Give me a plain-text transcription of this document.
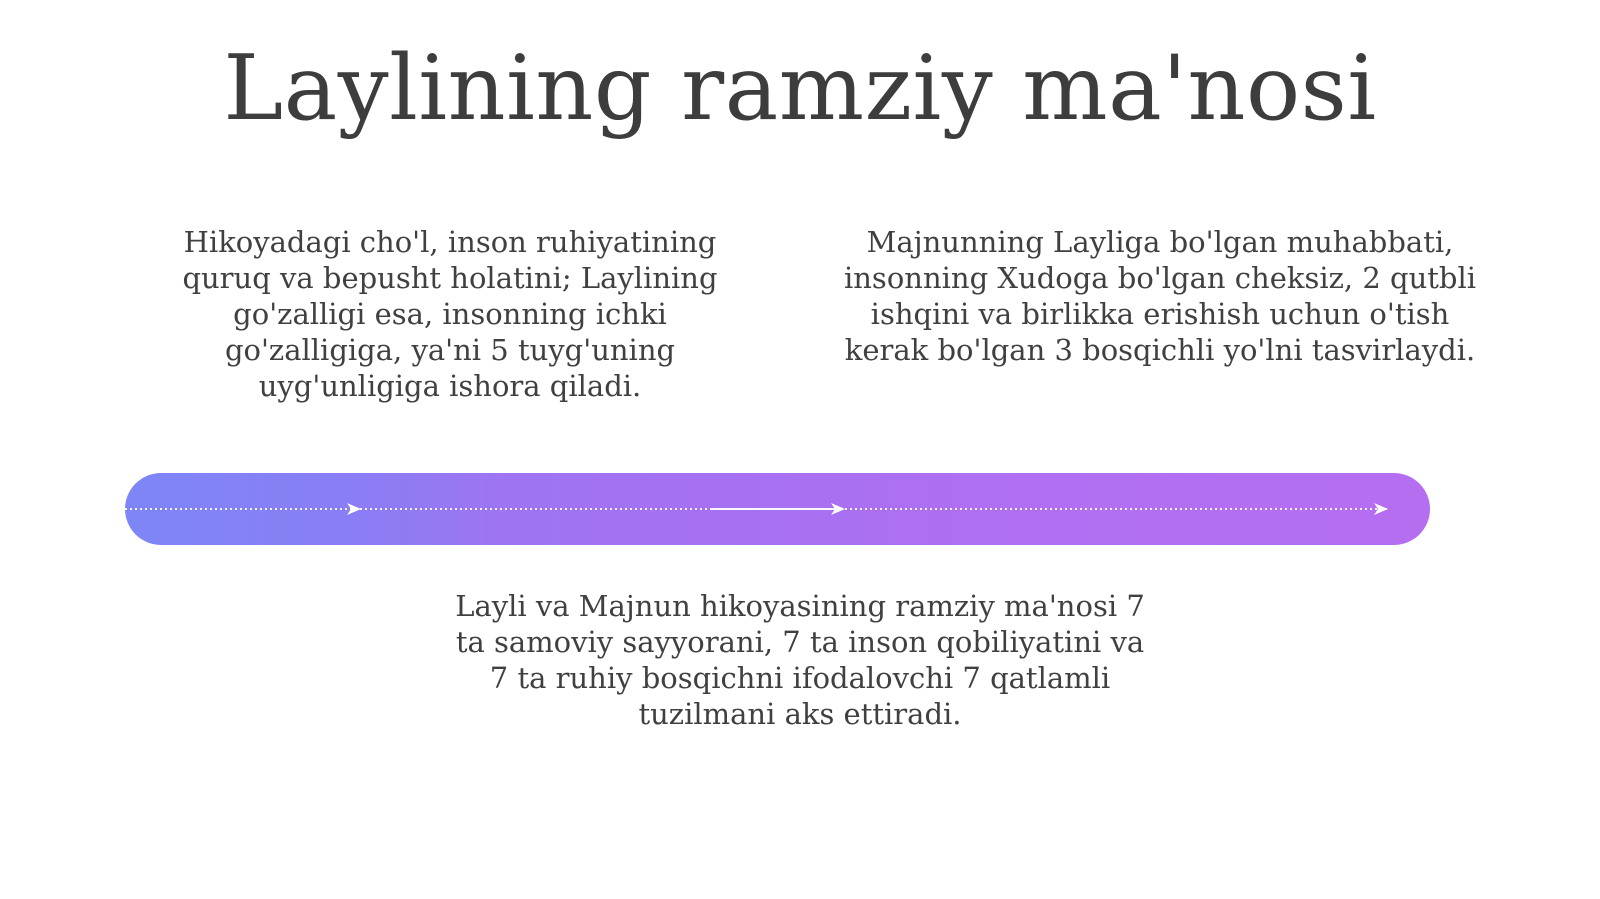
Laylining ramziy ma'nosi
Hikoyadagi cho'l, inson ruhiyatining quruq va bepusht holatini; Laylining go'zalligi esa, insonning ichki go'zalligiga, ya'ni 5 tuyg'uning uyg'unligiga ishora qiladi.
Majnunning Layliga bo'lgan muhabbati, insonning Xudoga bo'lgan cheksiz, 2 qutbli ishqini va birlikka erishish uchun o'tish kerak bo'lgan 3 bosqichli yo'lni tasvirlaydi.
Layli va Majnun hikoyasining ramziy ma'nosi 7 ta samoviy sayyorani, 7 ta inson qobiliyatini va 7 ta ruhiy bosqichni ifodalovchi 7 qatlamli tuzilmani aks ettiradi.
